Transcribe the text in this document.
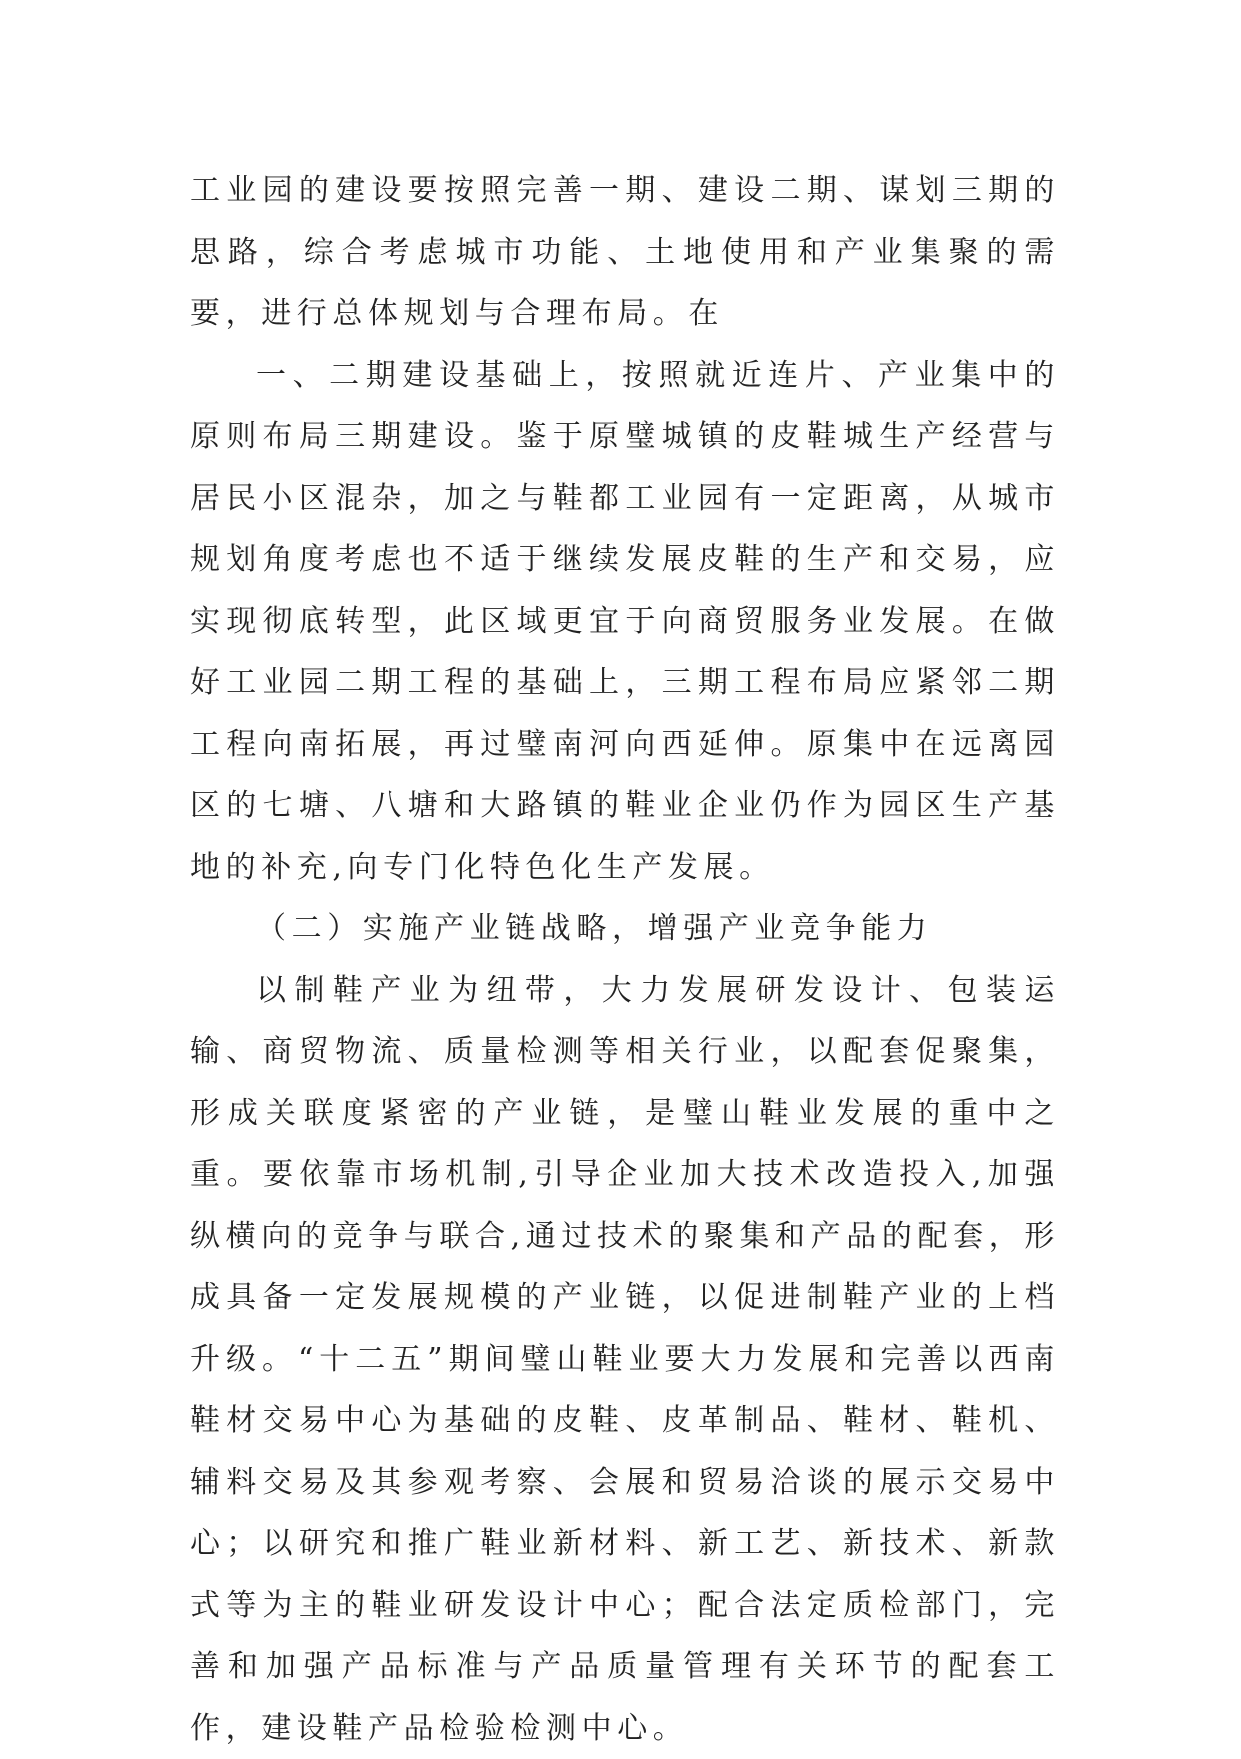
工业园的建设要按照完善一期、建设二期、谋划三期的思路，综合考虑城市功能、土地使用和产业集聚的需要，进行总体规划与合理布局。在

一、二期建设基础上，按照就近连片、产业集中的原则布局三期建设。鉴于原璧城镇的皮鞋城生产经营与居民小区混杂，加之与鞋都工业园有一定距离，从城市规划角度考虑也不适于继续发展皮鞋的生产和交易，应实现彻底转型，此区域更宜于向商贸服务业发展。在做好工业园二期工程的基础上，三期工程布局应紧邻二期工程向南拓展，再过璧南河向西延伸。原集中在远离园区的七塘、八塘和大路镇的鞋业企业仍作为园区生产基地的补充,向专门化特色化生产发展。

（二）实施产业链战略，增强产业竞争能力

以制鞋产业为纽带，大力发展研发设计、包装运输、商贸物流、质量检测等相关行业，以配套促聚集，形成关联度紧密的产业链，是璧山鞋业发展的重中之重。要依靠市场机制,引导企业加大技术改造投入,加强纵横向的竞争与联合,通过技术的聚集和产品的配套，形成具备一定发展规模的产业链，以促进制鞋产业的上档升级。“十二五”期间璧山鞋业要大力发展和完善以西南鞋材交易中心为基础的皮鞋、皮革制品、鞋材、鞋机、辅料交易及其参观考察、会展和贸易洽谈的展示交易中心；以研究和推广鞋业新材料、新工艺、新技术、新款式等为主的鞋业研发设计中心；配合法定质检部门，完善和加强产品标准与产品质量管理有关环节的配套工作，建设鞋产品检验检测中心。
